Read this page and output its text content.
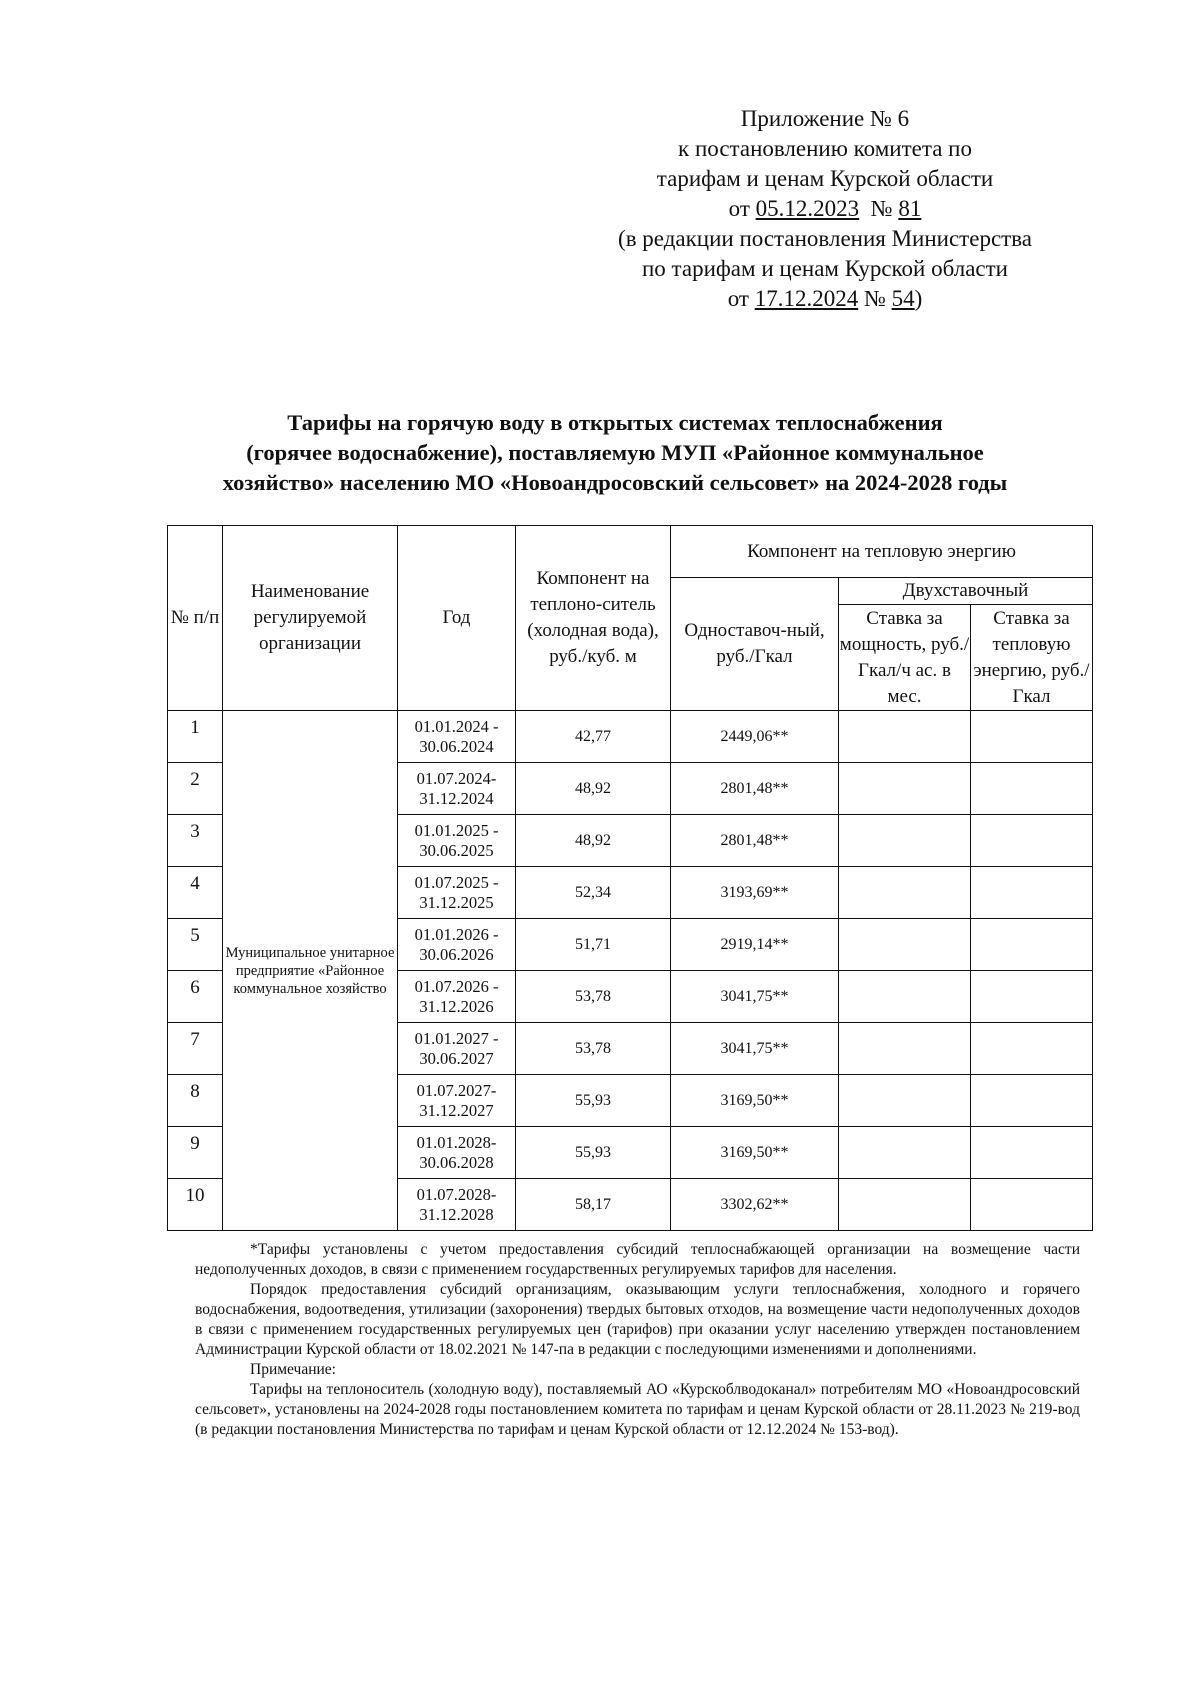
Приложение № 6
к постановлению комитета по
тарифам и ценам Курской области
от 05.12.2023 № 81
(в редакции постановления Министерства
по тарифам и ценам Курской области
от 17.12.2024 № 54)
Тарифы на горячую воду в открытых системах теплоснабжения
(горячее водоснабжение), поставляемую МУП «Районное коммунальное
хозяйство» населению МО «Новоандросовский сельсовет» на 2024-2028 годы
№ п/п	Наименование регулируемой организации	Год	Компонент на теплоно-ситель (холодная вода), руб./куб. м	Компонент на тепловую энергию		
				Одноставоч-ный, руб./Гкал	Двухставочный	
					Ставка за мощность, руб./Гкал/ч ас. в мес.	Ставка за тепловую энергию, руб./Гкал
1	Муниципальное унитарное предприятие «Районное коммунальное хозяйство	01.01.2024 - 30.06.2024	42,77	2449,06**		
2		01.07.2024- 31.12.2024	48,92	2801,48**		
3		01.01.2025 - 30.06.2025	48,92	2801,48**		
4		01.07.2025 - 31.12.2025	52,34	3193,69**		
5		01.01.2026 - 30.06.2026	51,71	2919,14**		
6		01.07.2026 - 31.12.2026	53,78	3041,75**		
7		01.01.2027 - 30.06.2027	53,78	3041,75**		
8		01.07.2027- 31.12.2027	55,93	3169,50**		
9		01.01.2028- 30.06.2028	55,93	3169,50**		
10		01.07.2028- 31.12.2028	58,17	3302,62**		

*Тарифы установлены с учетом предоставления субсидий теплоснабжающей организации на возмещение части недополученных доходов, в связи с применением государственных регулируемых тарифов для населения.

Порядок предоставления субсидий организациям, оказывающим услуги теплоснабжения, холодного и горячего водоснабжения, водоотведения, утилизации (захоронения) твердых бытовых отходов, на возмещение части недополученных доходов в связи с применением государственных регулируемых цен (тарифов) при оказании услуг населению утвержден постановлением Администрации Курской области от 18.02.2021 № 147-па в редакции с последующими изменениями и дополнениями.

Примечание:

Тарифы на теплоноситель (холодную воду), поставляемый АО «Курскоблводоканал» потребителям МО «Новоандросовский сельсовет», установлены на 2024-2028 годы постановлением комитета по тарифам и ценам Курской области от 28.11.2023 № 219-вод (в редакции постановления Министерства по тарифам и ценам Курской области от 12.12.2024 № 153-вод).
